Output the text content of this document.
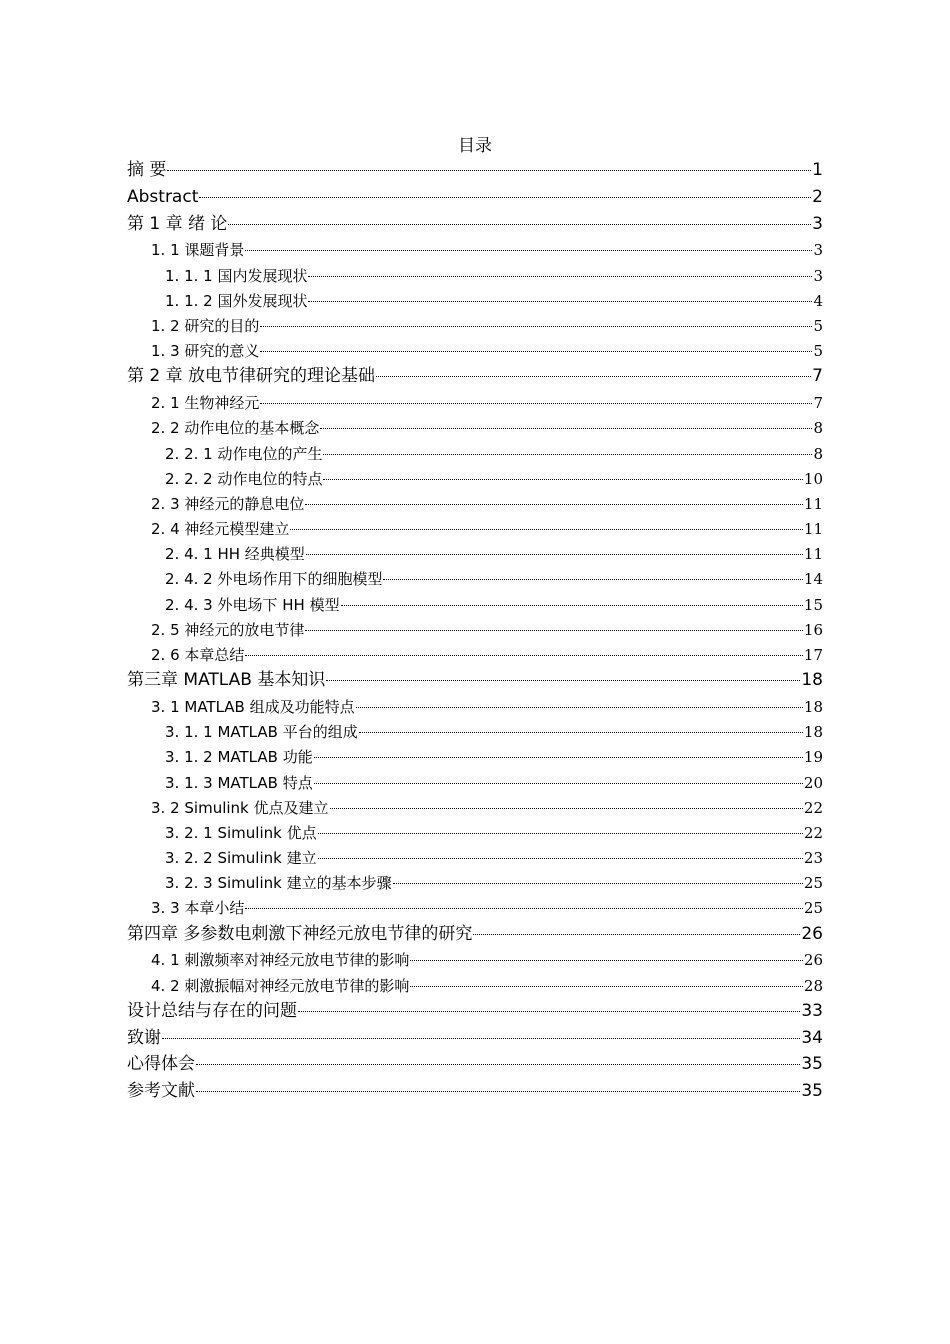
目录
摘 要	1
Abstract	2
第 1 章 绪 论	3
1. 1 课题背景	3
1. 1. 1 国内发展现状	3
1. 1. 2 国外发展现状	4
1. 2 研究的目的	5
1. 3 研究的意义	5
第 2 章 放电节律研究的理论基础	7
2. 1 生物神经元	7
2. 2 动作电位的基本概念	8
2. 2. 1 动作电位的产生	8
2. 2. 2 动作电位的特点	10
2. 3 神经元的静息电位	11
2. 4 神经元模型建立	11
2. 4. 1 HH 经典模型	11
2. 4. 2 外电场作用下的细胞模型	14
2. 4. 3 外电场下 HH 模型	15
2. 5 神经元的放电节律	16
2. 6 本章总结	17
第三章 MATLAB 基本知识	18
3. 1 MATLAB 组成及功能特点	18
3. 1. 1 MATLAB 平台的组成	18
3. 1. 2 MATLAB 功能	19
3. 1. 3 MATLAB 特点	20
3. 2 Simulink 优点及建立	22
3. 2. 1 Simulink 优点	22
3. 2. 2 Simulink 建立	23
3. 2. 3 Simulink 建立的基本步骤	25
3. 3 本章小结	25
第四章 多参数电刺激下神经元放电节律的研究	26
4. 1 刺激频率对神经元放电节律的影响	26
4. 2 刺激振幅对神经元放电节律的影响	28
设计总结与存在的问题	33
致谢	34
心得体会	35
参考文献	35
